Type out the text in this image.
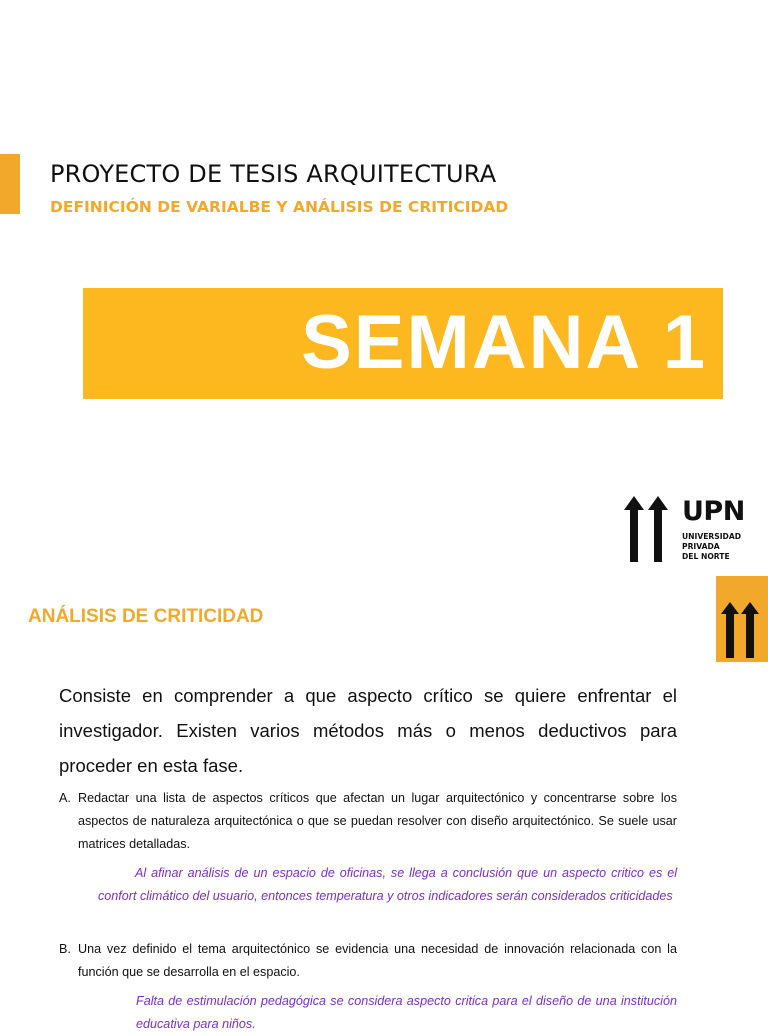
PROYECTO DE TESIS ARQUITECTURA
DEFINICIÓN DE VARIALBE Y ANÁLISIS DE CRITICIDAD

SEMANA 1

UPN
UNIVERSIDAD
PRIVADA
DEL NORTE
ANÁLISIS DE CRITICIDAD

Consiste en comprender a que aspecto crítico se quiere enfrentar el investigador. Existen varios métodos más o menos deductivos para proceder en esta fase.

A. Redactar una lista de aspectos críticos que afectan un lugar arquitectónico y concentrarse sobre los aspectos de naturaleza arquitectónica o que se puedan resolver con diseño arquitectónico. Se suele usar matrices detalladas.

Al afinar análisis de un espacio de oficinas, se llega a conclusión que un aspecto critico es el confort climático del usuario, entonces temperatura y otros indicadores serán considerados criticidades

B. Una vez definido el tema arquitectónico se evidencia una necesidad de innovación relacionada con la función que se desarrolla en el espacio.

Falta de estimulación pedagógica se considera aspecto critica para el diseño de una institución educativa para niños.
